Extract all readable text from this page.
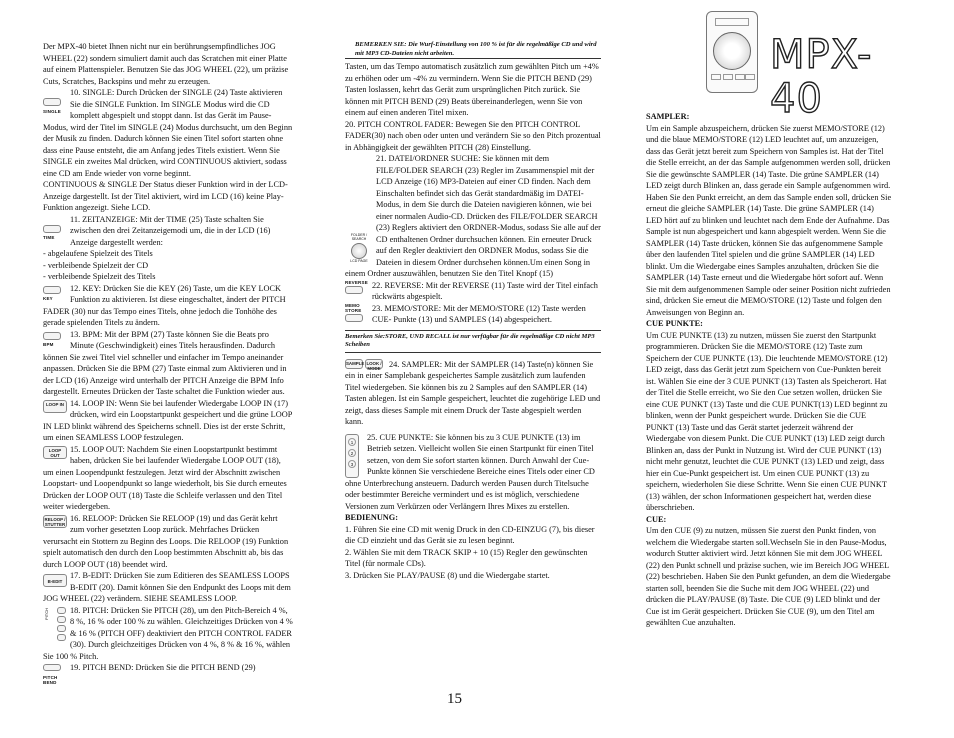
Der MPX-40 bietet Ihnen nicht nur ein berührungsempfindliches JOG WHEEL (22) sondern simuliert damit auch das Scratchen mit einer Platte auf einem Plattenspieler. Benutzen Sie das JOG WHEEL (22), um präzise Cuts, Scratches, Backspins und mehr zu erzeugen.

SINGLE

10. SINGLE: Durch Drücken der SINGLE (24) Taste aktivieren Sie die SINGLE Funktion. Im SINGLE Modus wird die CD komplett abgespielt und stoppt dann. Ist das Gerät im Pause-Modus, wird der Titel im SINGLE (24) Modus durchsucht, um den Beginn der Musik zu finden. Dadurch können Sie einen Titel sofort starten ohne dass eine Pause entsteht, die am Anfang jedes Titels existiert. Wenn Sie SINGLE ein zweites Mal drücken, wird CONTINUOUS aktiviert, sodass eine CD am Ende wieder von vorne beginnt.

CONTINUOUS & SINGLE Der Status dieser Funktion wird in der LCD-Anzeige dargestellt. Ist der Titel aktiviert, wird im LCD (16) keine Play-Funktion angezeigt. Siehe LCD.

TIME

11. ZEITANZEIGE: Mit der TIME (25) Taste schalten Sie zwischen den drei Zeitanzeigemodi um, die in der LCD (16) Anzeige dargestellt werden:

- abgelaufene Spielzeit des Titels

- verbleibende Spielzeit der CD

- verbleibende Spielzeit des Titels

KEY

12. KEY: Drücken Sie die KEY (26) Taste, um die KEY LOCK Funktion zu aktivieren. Ist diese eingeschaltet, ändert der PITCH FADER (30) nur das Tempo eines Titels, ohne jedoch die Tonhöhe des gerade spielenden Titels zu ändern.

BPM

13. BPM: Mit der BPM (27) Taste können Sie die Beats pro Minute (Geschwindigkeit) eines Titels herausfinden. Dadurch können Sie zwei Titel viel schneller und einfacher im Tempo aneinander anpassen. Drücken Sie die BPM (27) Taste einmal zum Aktivieren und in der LCD (16) Anzeige wird unterhalb der PITCH Anzeige die BPM Info dargestellt. Erneutes Drücken der Taste schaltet die Funktion wieder aus.

LOOP IN 14. LOOP IN: Wenn Sie bei laufender Wiedergabe LOOP IN (17) drücken, wird ein Loopstartpunkt gespeichert und die grüne LOOP IN LED blinkt während des Speicherns schnell. Dies ist der erste Schritt, um einen SEAMLESS LOOP festzulegen.

LOOP OUT

15. LOOP OUT: Nachdem Sie einen Loopstartpunkt bestimmt haben, drücken Sie bei laufender Wiedergabe LOOP OUT (18), um einen Loopendpunkt festzulegen. Jetzt wird der Abschnitt zwischen Loopstart- und Loopendpunkt so lange wiederholt, bis Sie durch erneutes Drücken der LOOP OUT (18) Taste die Schleife verlassen und den Titel weiter wiedergeben.

RELOOP / STUTTER

16. RELOOP: Drücken Sie RELOOP (19) und das Gerät kehrt zum vorher gesetzten Loop zurück. Mehrfaches Drücken verursacht ein Stottern zu Beginn des Loops. Die RELOOP (19) Funktion spielt automatisch den durch den Loop bestimmten Abschnitt ab, bis das durch LOOP OUT (18) beendet wird.

B-EDIT

17. B-EDIT: Drücken Sie zum Editieren des SEAMLESS LOOPS B-EDIT (20). Damit können Sie den Endpunkt des Loops mit dem JOG WHEEL (22) verändern. SIEHE SEAMLESS LOOP.

PITCH	18. PITCH: Drücken Sie PITCH (28), um den Pitch-Bereich 4 %, 8 %, 16 % oder 100 % zu wählen. Gleichzeitiges Drücken von 4 % & 16 % (PITCH OFF) deaktiviert den PITCH CONTROL FADER (30). Durch gleichzeitiges Drücken von 4 %, 8 % & 16 %, wählen Sie 100 % Pitch.

PITCH BEND

19. PITCH BEND: Drücken Sie die PITCH BEND (29)

BEMERKEN SIE: Die Wurf-Einstellung von 100 % ist für die regelmäßige CD und wird mit MP3 CD-Dateien nicht arbeiten.

Tasten, um das Tempo automatisch zusätzlich zum gewählten Pitch um +4% zu erhöhen oder um -4% zu vermindern. Wenn Sie die PITCH BEND (29) Tasten loslassen, kehrt das Gerät zum ursprünglichen Pitch zurück. Sie können mit PITCH BEND (29) Beats übereinanderlegen, wenn Sie von einem auf einen anderen Titel mixen.

20. PITCH CONTROL FADER: Bewegen Sie den PITCH CONTROL FADER(30) nach oben oder unten und verändern Sie so den Pitch prozentual in Abhängigkeit der gewählten PITCH (28) Einstellung.

FOLDER / SEARCH
LCD PAGE

21. DATEI/ORDNER SUCHE: Sie können mit dem FILE/FOLDER SEARCH (23) Regler im Zusammenspiel mit der LCD Anzeige (16) MP3-Dateien auf einer CD finden. Nach dem Einschalten befindet sich das Gerät standardmäßig im DATEI-Modus, in dem Sie durch die Dateien navigieren können, wie bei einer normalen Audio-CD. Drücken des FILE/FOLDER SEARCH (23) Reglers aktiviert den ORDNER-Modus, sodass Sie alle auf der CD enthaltenen Ordner durchsuchen können. Ein erneuter Druck auf den Regler deaktiviert den ORDNER Modus, sodass Sie die Dateien in diesem Ordner durchsehen können.Um einen Song in einem Ordner auszuwählen, benutzen Sie den Titel Knopf (15)

REVERSE 22. REVERSE: Mit der REVERSE (11) Taste wird der Titel einfach rückwärts abgespielt.

MEMO
STORE	23. MEMO/STORE: Mit der MEMO/STORE (12) Taste werden CUE- Punkte (13) und SAMPLES (14) abgespeichert.

Bemerken Sie:STORE, UND RECALL ist nur verfügbar für die regelmäßige CD nicht MP3 Scheiben

SAMPLE LOOK / MODE	24. SAMPLER: Mit der SAMPLER (14) Taste(n) können Sie ein in einer Samplebank gespeichertes Sample zusätzlich zum laufenden Titel wiedergeben. Sie können bis zu 2 Samples auf den SAMPLER (14) Tasten ablegen. Ist ein Sample gespeichert, leuchtet die zugehörige LED und zeigt, dass dieses Sample mit einem Druck der Taste abgespielt werden kann.

1
2
3

25. CUE PUNKTE: Sie können bis zu 3 CUE PUNKTE (13) im Betrieb setzen. Vielleicht wollen Sie einen Startpunkt für einen Titel setzen, von dem Sie sofort starten können. Durch Anwahl der Cue-Punkte können Sie verschiedene Bereiche eines Titels oder einer CD ohne Unterbrechung ansteuern. Dadurch werden Pausen durch Titelsuche oder bestimmter Bereiche vermindert und es ist möglich, verschiedene Versionen zum Verkürzen oder Verlängern Ihres Mixes zu erstellen.

BEDIENUNG:

1. Führen Sie eine CD mit wenig Druck in den CD-EINZUG (7), bis dieser die CD einzieht und das Gerät sie zu lesen beginnt.

2. Wählen Sie mit dem TRACK SKIP + 10 (15) Regler den gewünschten Titel (für normale CDs).

3. Drücken Sie PLAY/PAUSE (8) und die Wiedergabe startet.

MPX-40

SAMPLER:

Um ein Sample abzuspeichern, drücken Sie zuerst MEMO/STORE (12) und die blaue MEMO/STORE (12) LED leuchtet auf, um anzuzeigen, dass das Gerät jetzt bereit zum Speichern von Samples ist. Hat der Titel die Stelle erreicht, an der das Sample aufgenommen werden soll, drücken Sie die gewünschte SAMPLER (14) Taste. Die grüne SAMPLER (14) LED zeigt durch Blinken an, dass gerade ein Sample aufgenommen wird. Haben Sie den Punkt erreicht, an dem das Sample enden soll, drücken Sie erneut die gleiche SAMPLER (14) Taste. Die grüne SAMPLER (14) LED hört auf zu blinken und leuchtet nach dem Ende der Aufnahme. Das Sample ist nun abgespeichert und kann abgespielt werden. Wenn Sie die SAMPLER (14) Taste drücken, können Sie das aufgenommene Sample über den laufenden Titel spielen und die grüne SAMPLER (14) LED blinkt. Um die Wiedergabe eines Samples anzuhalten, drücken Sie die SAMPLER (14) Taste erneut und die Wiedergabe hört sofort auf. Wenn Sie mit dem aufgenommenen Sample oder seiner Position nicht zufrieden sind, drücken Sie erneut die MEMO/STORE (12) Taste und folgen den Anweisungen von Beginn an.

CUE PUNKTE:

Um CUE PUNKTE (13) zu nutzen, müssen Sie zuerst den Startpunkt programmieren. Drücken Sie die MEMO/STORE (12) Taste zum Speichern der CUE PUNKTE (13). Die leuchtende MEMO/STORE (12) LED zeigt, dass das Gerät jetzt zum Speichern von Cue-Punkten bereit ist. Wählen Sie eine der 3 CUE PUNKT (13) Tasten als Speicherort. Hat der Titel die Stelle erreicht, wo Sie den Cue setzen wollen, drücken Sie eine CUE PUNKT (13) Taste und die CUE PUNKT(13) LED beginnt zu blinken, wenn der Punkt gespeichert wurde. Drücken Sie die CUE PUNKT (13) Taste und das Gerät startet jederzeit während der Wiedergabe von diesem Punkt. Die CUE PUNKT (13) LED zeigt durch Blinken an, dass der Punkt in Nutzung ist. Wird der CUE PUNKT (13) nicht mehr genutzt, leuchtet die CUE PUNKT (13) LED und zeigt, dass hier ein Cue-Punkt gespeichert ist. Um einen CUE PUNKT (13) zu speichern, wiederholen Sie diese Schritte. Wenn Sie einen CUE PUNKT (13) wählen, der schon Informationen gespeichert hat, werden diese überschrieben.

CUE:

Um den CUE (9) zu nutzen, müssen Sie zuerst den Punkt finden, von welchem die Wiedergabe starten soll.Wechseln Sie in den Pause-Modus, wodurch Stutter aktiviert wird. Jetzt können Sie mit dem JOG WHEEL (22) den Punkt schnell und präzise suchen, wie im Bereich JOG WHEEL (22) beschrieben. Haben Sie den Punkt gefunden, an dem die Wiedergabe starten soll, beenden Sie die Suche mit dem JOG WHEEL (22) und drücken die PLAY/PAUSE (8) Taste. Die CUE (9) LED blinkt und der Cue ist im Gerät gespeichert. Drücken Sie CUE (9), um den Titel am gewählten Cue anzuhalten.

15
